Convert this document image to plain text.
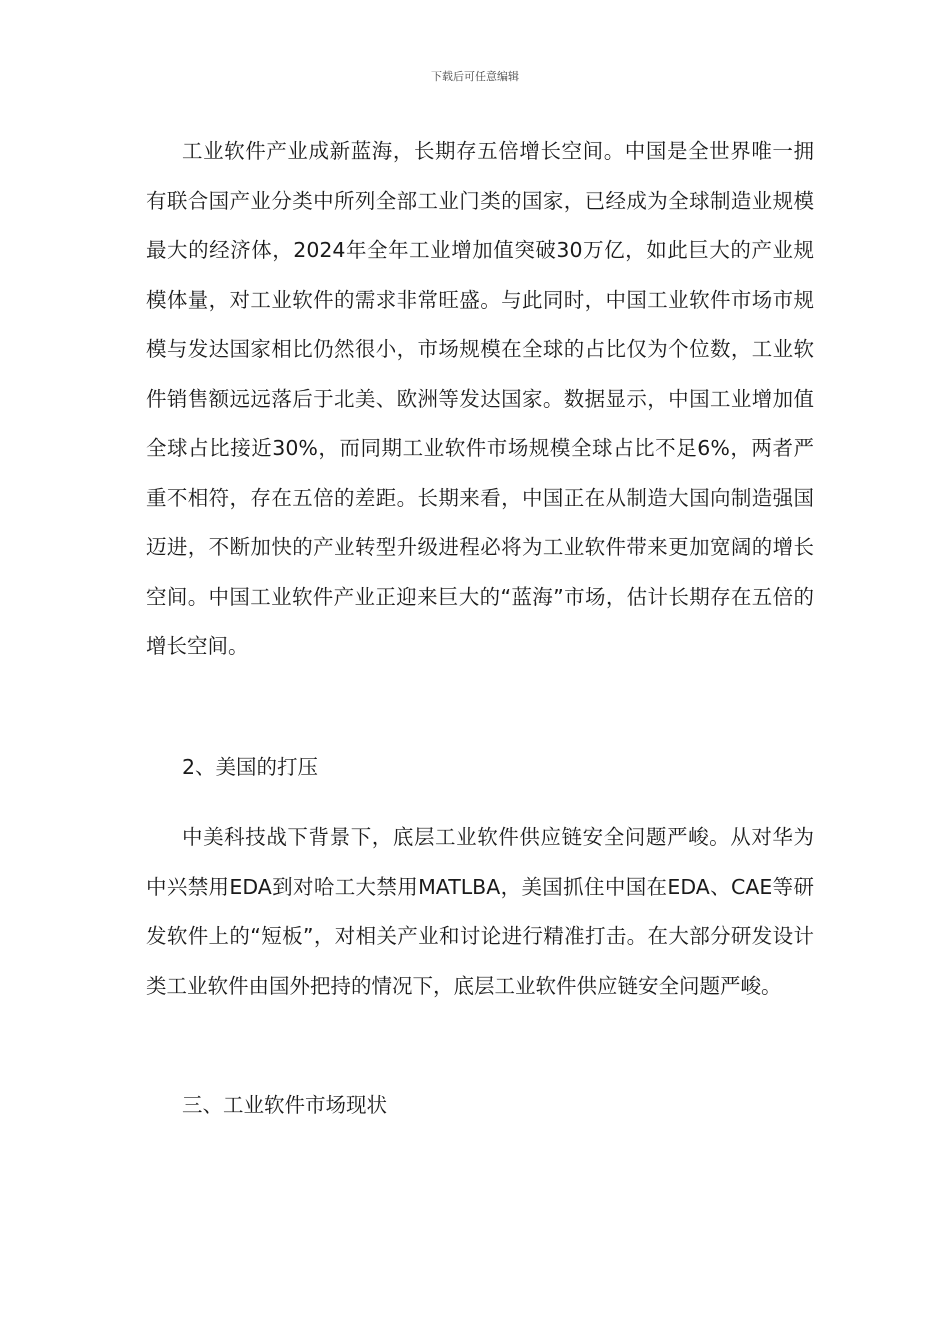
下载后可任意编辑

工业软件产业成新蓝海，长期存五倍增长空间。中国是全世界唯一拥有联合国产业分类中所列全部工业门类的国家，已经成为全球制造业规模最大的经济体，2024年全年工业增加值突破30万亿，如此巨大的产业规模体量，对工业软件的需求非常旺盛。与此同时，中国工业软件市场市规模与发达国家相比仍然很小，市场规模在全球的占比仅为个位数，工业软件销售额远远落后于北美、欧洲等发达国家。数据显示，中国工业增加值全球占比接近30%，而同期工业软件市场规模全球占比不足6%，两者严重不相符，存在五倍的差距。长期来看，中国正在从制造大国向制造强国迈进，不断加快的产业转型升级进程必将为工业软件带来更加宽阔的增长空间。中国工业软件产业正迎来巨大的“蓝海”市场，估计长期存在五倍的增长空间。

2、美国的打压

中美科技战下背景下，底层工业软件供应链安全问题严峻。从对华为中兴禁用EDA到对哈工大禁用MATLBA，美国抓住中国在EDA、CAE等研发软件上的“短板”，对相关产业和讨论进行精准打击。在大部分研发设计类工业软件由国外把持的情况下，底层工业软件供应链安全问题严峻。

三、工业软件市场现状
